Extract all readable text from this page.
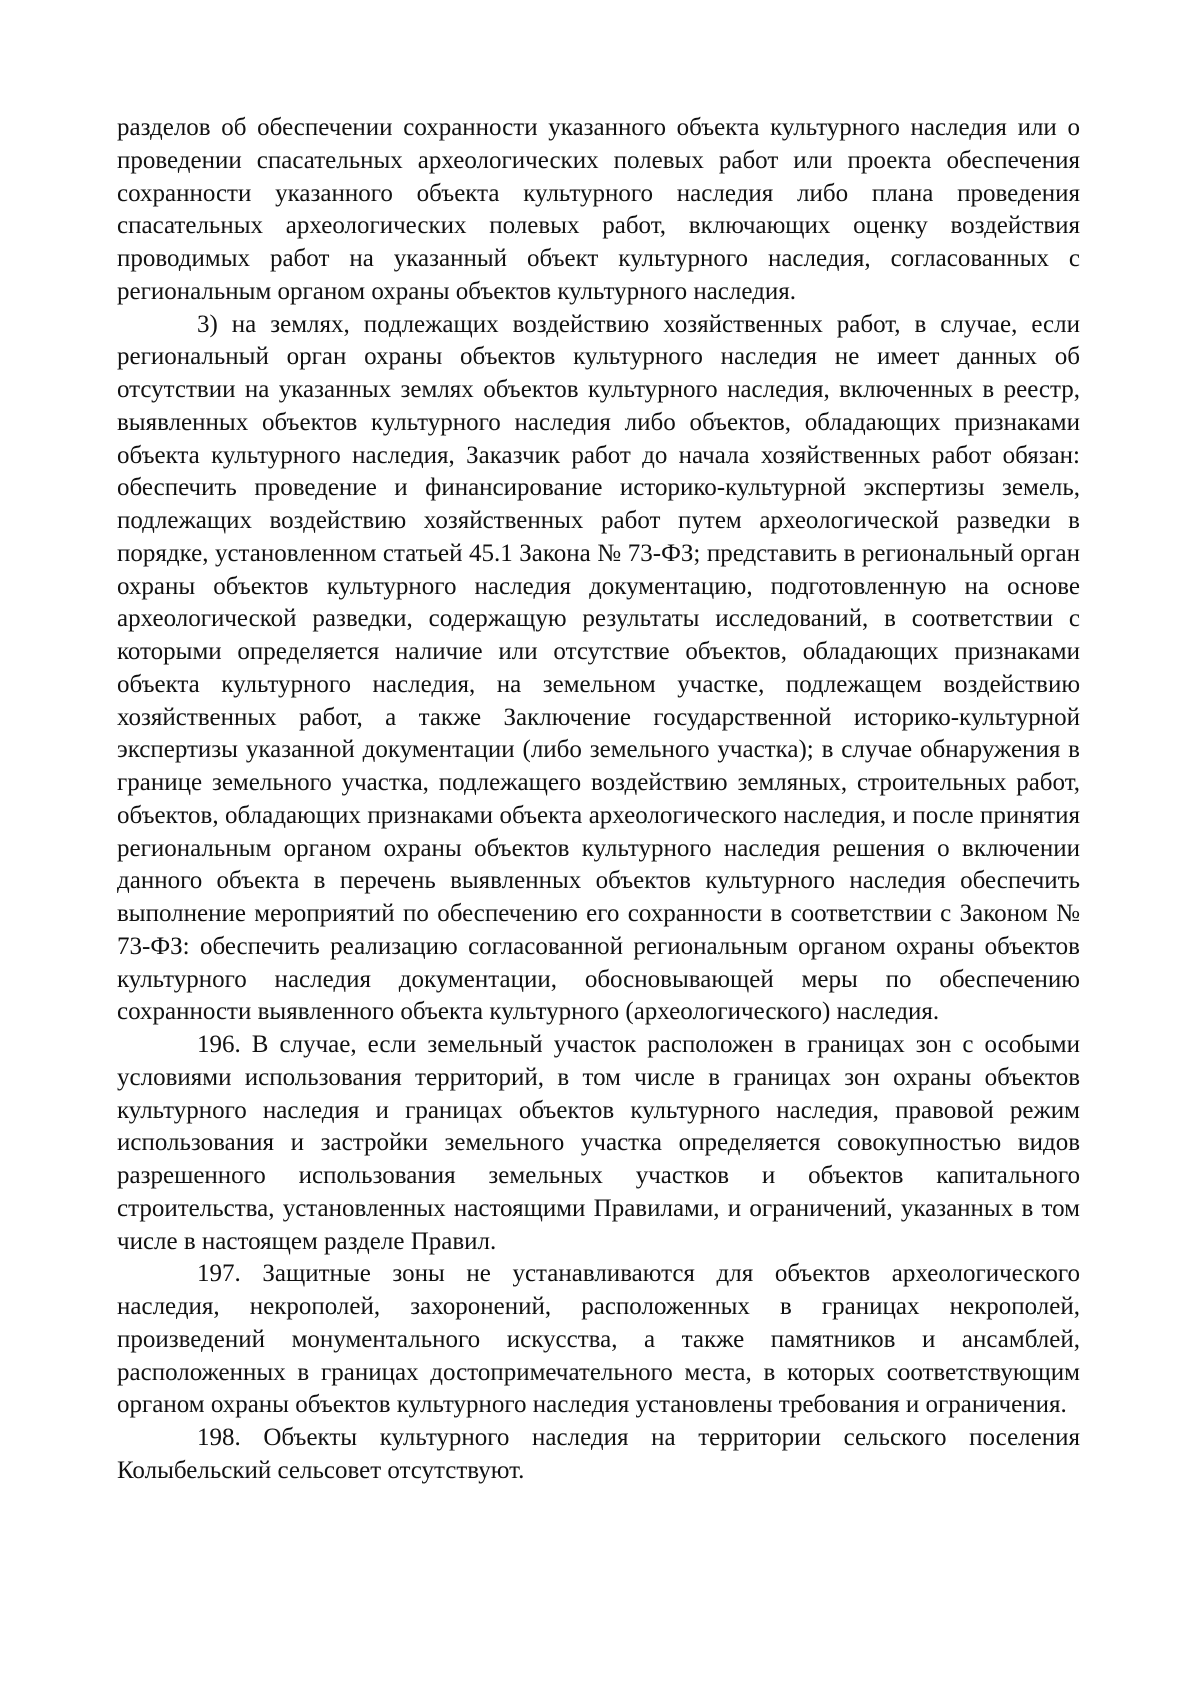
разделов об обеспечении сохранности указанного объекта культурного наследия или о проведении спасательных археологических полевых работ или проекта обеспечения сохранности указанного объекта культурного наследия либо плана проведения спасательных археологических полевых работ, включающих оценку воздействия проводимых работ на указанный объект культурного наследия, согласованных с региональным органом охраны объектов культурного наследия.

3) на землях, подлежащих воздействию хозяйственных работ, в случае, если региональный орган охраны объектов культурного наследия не имеет данных об отсутствии на указанных землях объектов культурного наследия, включенных в реестр, выявленных объектов культурного наследия либо объектов, обладающих признаками объекта культурного наследия, Заказчик работ до начала хозяйственных работ обязан: обеспечить проведение и финансирование историко-культурной экспертизы земель, подлежащих воздействию хозяйственных работ путем археологической разведки в порядке, установленном статьей 45.1 Закона № 73-ФЗ; представить в региональный орган охраны объектов культурного наследия документацию, подготовленную на основе археологической разведки, содержащую результаты исследований, в соответствии с которыми определяется наличие или отсутствие объектов, обладающих признаками объекта культурного наследия, на земельном участке, подлежащем воздействию хозяйственных работ, а также Заключение государственной историко-культурной экспертизы указанной документации (либо земельного участка); в случае обнаружения в границе земельного участка, подлежащего воздействию земляных, строительных работ, объектов, обладающих признаками объекта археологического наследия, и после принятия региональным органом охраны объектов культурного наследия решения о включении данного объекта в перечень выявленных объектов культурного наследия обеспечить выполнение мероприятий по обеспечению его сохранности в соответствии с Законом № 73-ФЗ: обеспечить реализацию согласованной региональным органом охраны объектов культурного наследия документации, обосновывающей меры по обеспечению сохранности выявленного объекта культурного (археологического) наследия.

196. В случае, если земельный участок расположен в границах зон с особыми условиями использования территорий, в том числе в границах зон охраны объектов культурного наследия и границах объектов культурного наследия, правовой режим использования и застройки земельного участка определяется совокупностью видов разрешенного использования земельных участков и объектов капитального строительства, установленных настоящими Правилами, и ограничений, указанных в том числе в настоящем разделе Правил.

197. Защитные зоны не устанавливаются для объектов археологического наследия, некрополей, захоронений, расположенных в границах некрополей, произведений монументального искусства, а также памятников и ансамблей, расположенных в границах достопримечательного места, в которых соответствующим органом охраны объектов культурного наследия установлены требования и ограничения.

198. Объекты культурного наследия на территории сельского поселения Колыбельский сельсовет отсутствуют.
